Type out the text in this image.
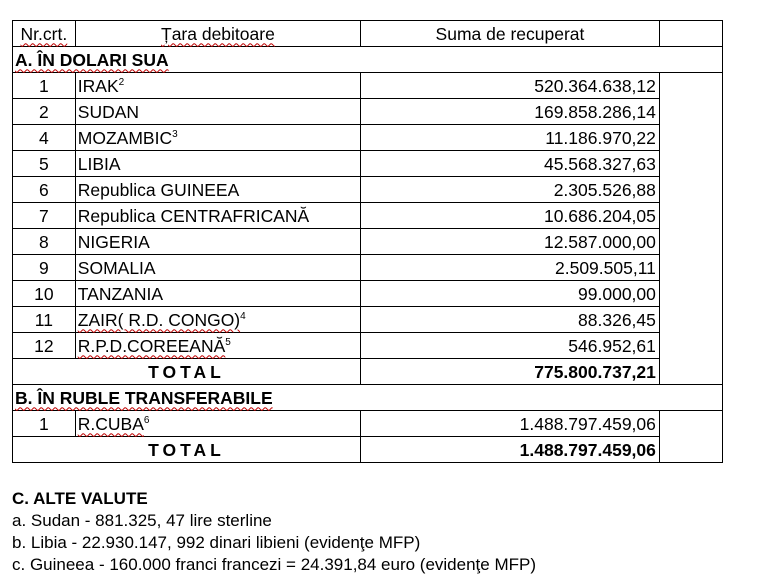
Nr.crt.	Țara debitoare	Suma de recuperat	
A. ÎN DOLARI SUA			
1	IRAK$^2$	520.364.638,12	
2	SUDAN	169.858.286,14	
4	MOZAMBIC$^3$	11.186.970,22	
5	LIBIA	45.568.327,63	
6	Republica GUINEEA	2.305.526,88	
7	Republica CENTRAFRICANĂ	10.686.204,05	
8	NIGERIA	12.587.000,00	
9	SOMALIA	2.509.505,11	
10	TANZANIA	99.000,00	
11	ZAIR( R.D. CONGO)$^4$	88.326,45	
12	R.P.D.COREEANĂ$^5$	546.952,61	
TOTAL		775.800.737,21	
B. ÎN RUBLE TRANSFERABILE			
1	R.CUBA$^6$	1.488.797.459,06	
TOTAL		1.488.797.459,06	
C. ALTE VALUTE
a. Sudan - 881.325, 47 lire sterline
b. Libia - 22.930.147, 992 dinari libieni (evidenţe MFP)
c. Guineea - 160.000 franci francezi = 24.391,84 euro (evidenţe MFP)
